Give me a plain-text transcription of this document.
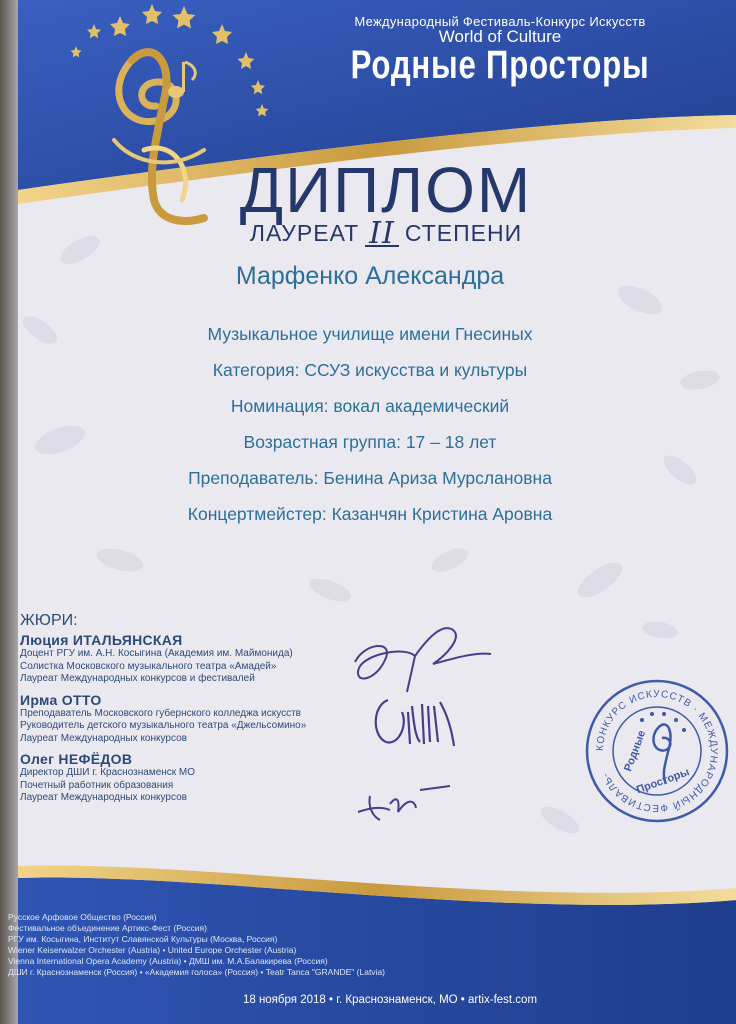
Международный Фестиваль-Конкурс Искусств
World of Culture
Родные Просторы
ДИПЛОМ
ЛАУРЕАТ II СТЕПЕНИ
Марфенко Александра
Музыкальное училище имени Гнесиных
Категория: ССУЗ искусства и культуры
Номинация: вокал академический
Возрастная группа: 17 – 18 лет
Преподаватель: Бенина Ариза Мурслановна
Концертмейстер: Казанчян Кристина Аровна
ЖЮРИ:
Люция ИТАЛЬЯНСКАЯ
Доцент РГУ им. А.Н. Косыгина (Академия им. Маймонида)
Солистка Московского музыкального театра «Амадей»
Лауреат Международных конкурсов и фестивалей
Ирма ОТТО
Преподаватель Московского губернского колледжа искусств
Руководитель детского музыкального театра «Джельсомино»
Лауреат Международных конкурсов
Олег НЕФЁДОВ
Директор ДШИ г. Краснознаменск МО
Почетный работник образования
Лауреат Международных конкурсов
КОНКУРС ИСКУССТВ · МЕЖДУНАРОДНЫЙ ФЕСТИВАЛЬ-
Родные
Просторы
Русское Арфовое Общество (Россия)
Фестивальное объединение Артикс-Фест (Россия)
РГУ им. Косыгина, Институт Славянской Культуры (Москва, Россия)
Wiener Keiserwalzer Orchester (Austria) • United Europe Orchester (Austria)
Vienna International Opera Academy (Austria) • ДМШ им. М.А.Балакирева (Россия)
ДШИ г. Краснознаменск (Россия) • «Академия голоса» (Россия) • Teatr Tanca "GRANDE" (Latvia)
18 ноября 2018 • г. Краснознаменск, МО • artix-fest.com
